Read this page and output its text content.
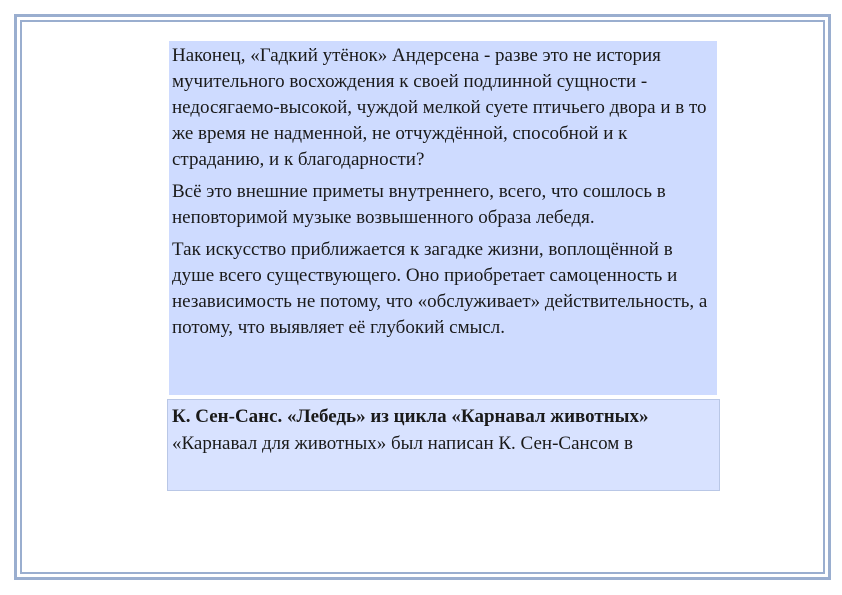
Наконец, «Гадкий утёнок» Андерсена - разве это не история мучительного восхождения к своей подлинной сущности - недосягаемо-высокой, чуждой мелкой суете птичьего двора и в то же время не надменной, не отчуждённой, способной и к страданию, и к благодарности?

Всё это внешние приметы внутреннего, всего, что сошлось в неповторимой музыке возвышенного образа лебедя.

Так искусство приближается к загадке жизни, воплощённой в душе всего существующего. Оно приобретает самоценность и независимость не потому, что «обслуживает» действительность, а потому, что выявляет её глубокий смысл.

К. Сен-Санс. «Лебедь» из цикла «Карнавал животных»

«Карнавал для животных» был написан К. Сен-Сансом в
